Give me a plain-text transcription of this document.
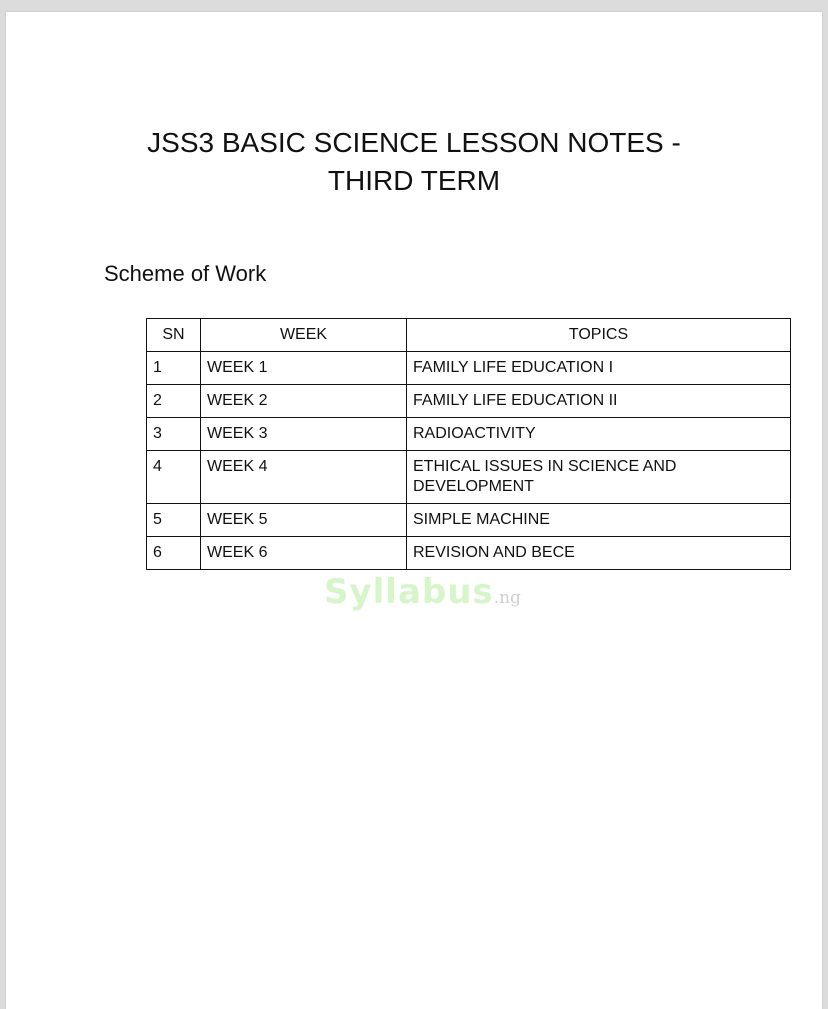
JSS3 BASIC SCIENCE LESSON NOTES -
THIRD TERM
Scheme of Work
SN	WEEK	TOPICS
1	WEEK 1	FAMILY LIFE EDUCATION I
2	WEEK 2	FAMILY LIFE EDUCATION II
3	WEEK 3	RADIOACTIVITY
4	WEEK 4	ETHICAL ISSUES IN SCIENCE AND DEVELOPMENT
5	WEEK 5	SIMPLE MACHINE
6	WEEK 6	REVISION AND BECE
Syllabus.ng
